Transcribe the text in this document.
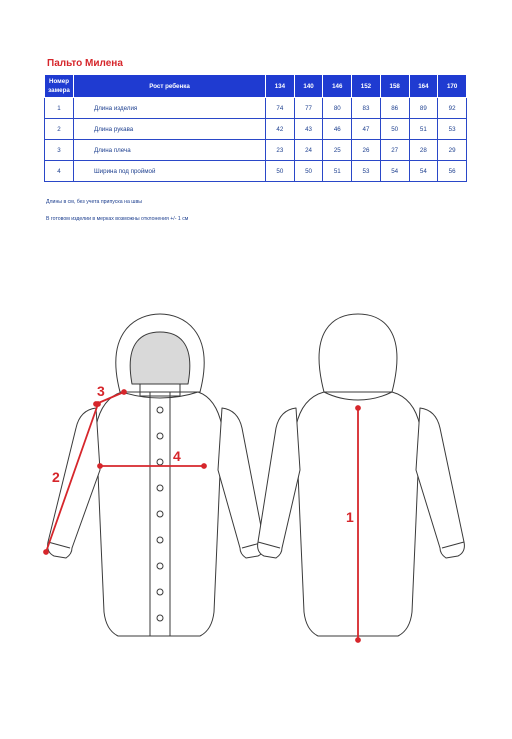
Пальто Милена
Номер
замера	Рост ребенка	134	140	146	152	158	164	170
1	Длина изделия	74	77	80	83	86	89	92
2	Длина рукава	42	43	46	47	50	51	53
3	Длина плеча	23	24	25	26	27	28	29
4	Ширина под проймой	50	50	51	53	54	54	56
Длины в см, без учета припуска на швы
В готовом изделии в мерках возможны отклонения +/- 1 см
1
2
3
4
